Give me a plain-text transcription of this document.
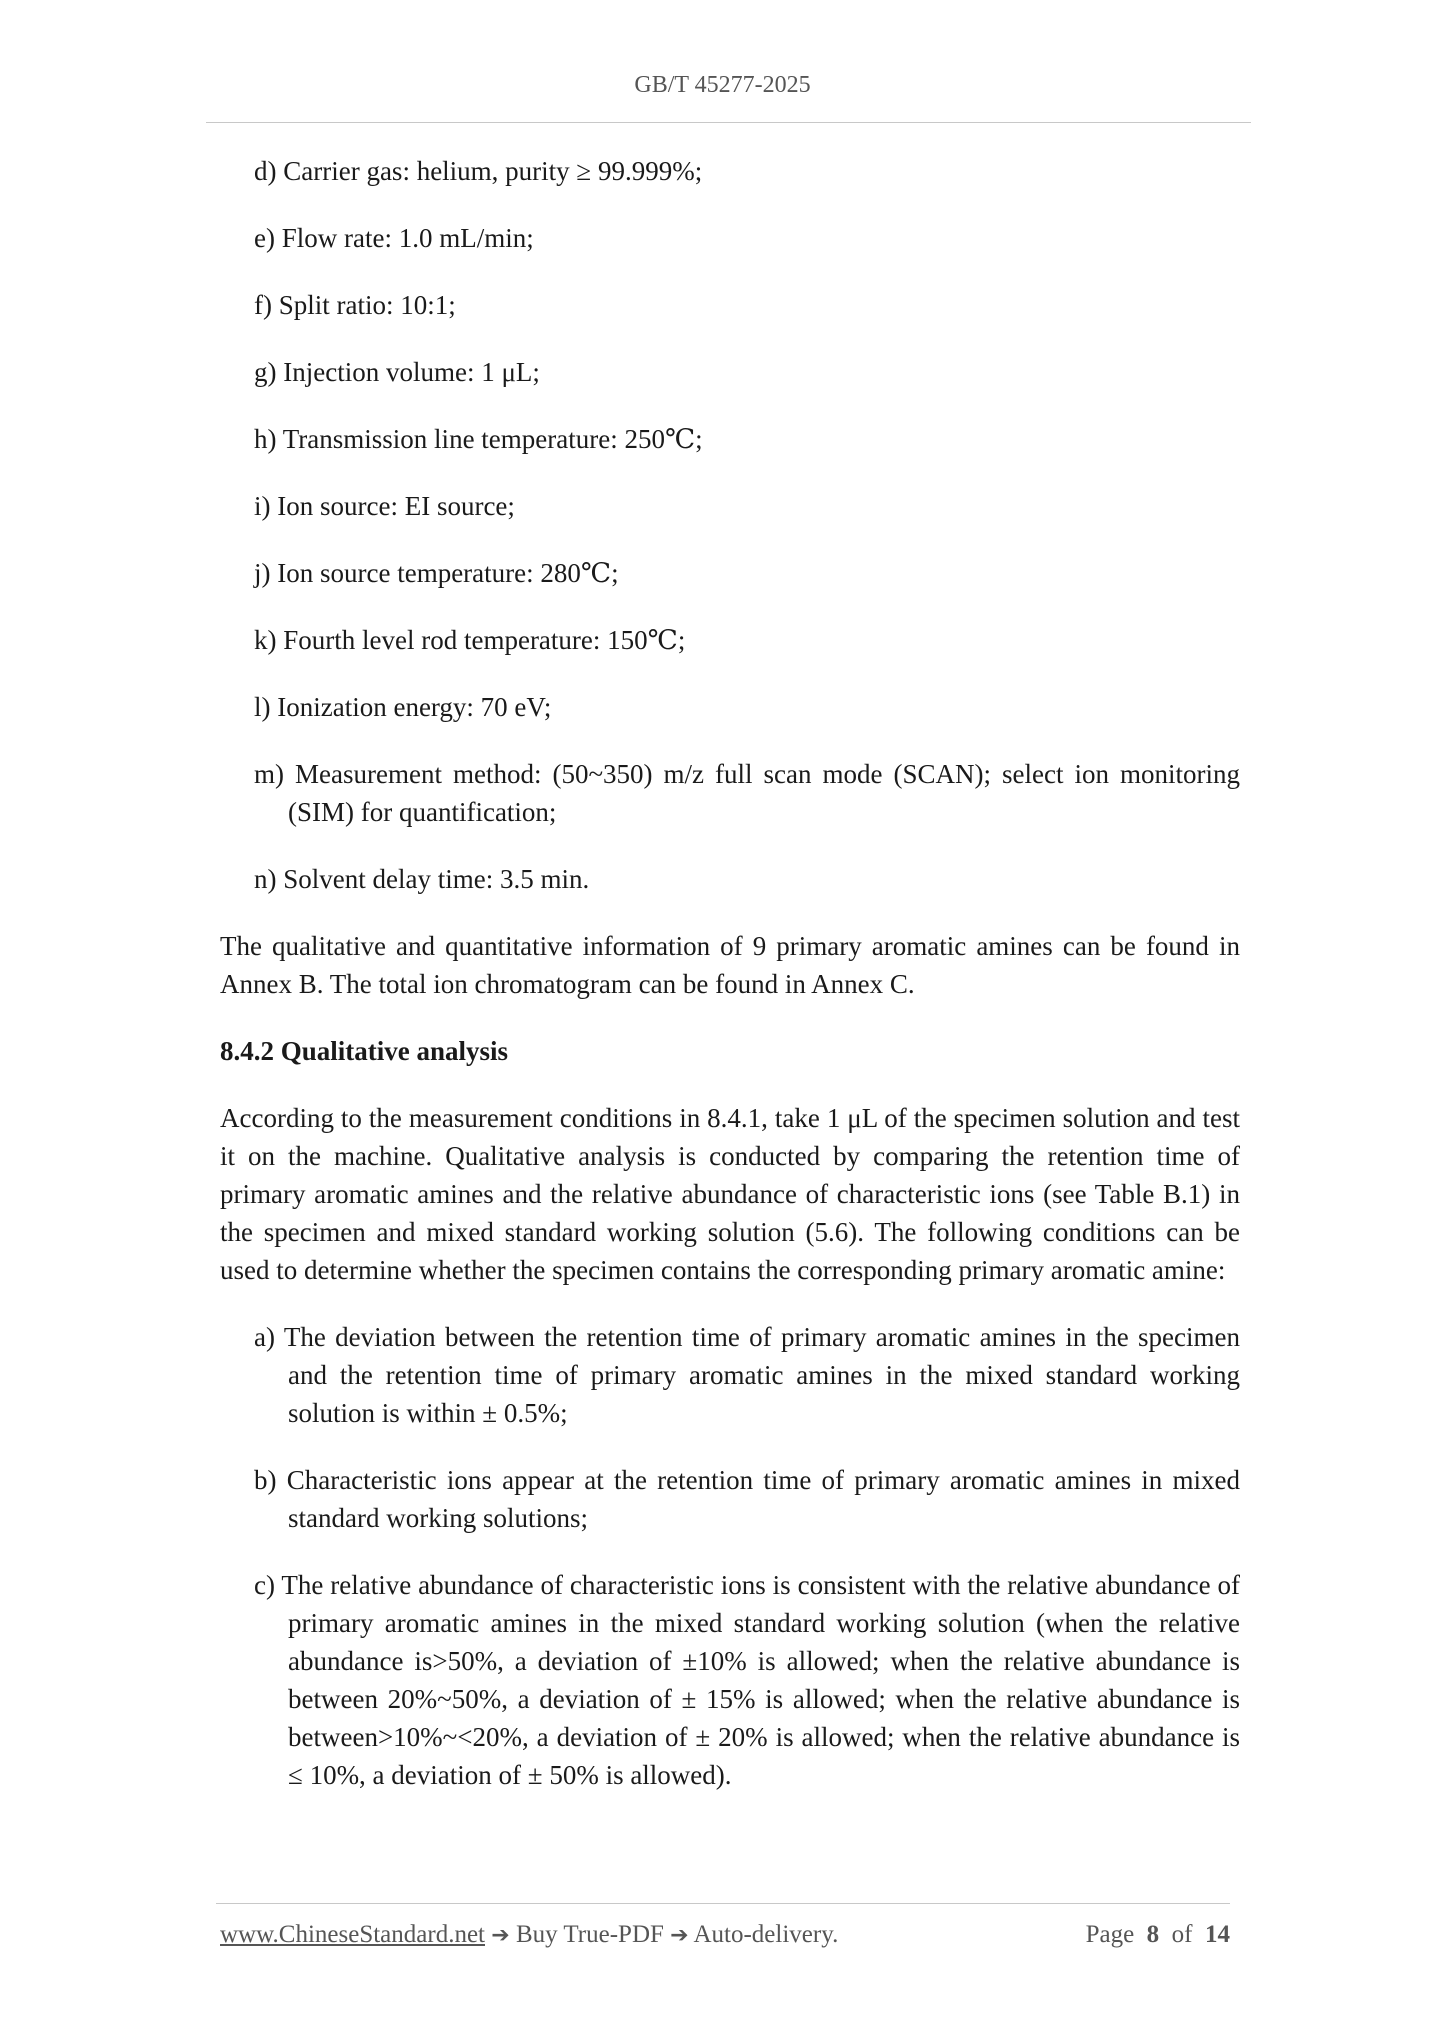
GB/T 45277-2025

d) Carrier gas: helium, purity ≥ 99.999%;

e) Flow rate: 1.0 mL/min;

f) Split ratio: 10:1;

g) Injection volume: 1 μL;

h) Transmission line temperature: 250℃;

i) Ion source: EI source;

j) Ion source temperature: 280℃;

k) Fourth level rod temperature: 150℃;

l) Ionization energy: 70 eV;

m) Measurement method: (50~350) m/z full scan mode (SCAN); select ion monitoring (SIM) for quantification;

n) Solvent delay time: 3.5 min.

The qualitative and quantitative information of 9 primary aromatic amines can be found in Annex B. The total ion chromatogram can be found in Annex C.

8.4.2 Qualitative analysis

According to the measurement conditions in 8.4.1, take 1 μL of the specimen solution and test it on the machine. Qualitative analysis is conducted by comparing the retention time of primary aromatic amines and the relative abundance of characteristic ions (see Table B.1) in the specimen and mixed standard working solution (5.6). The following conditions can be used to determine whether the specimen contains the corresponding primary aromatic amine:

a) The deviation between the retention time of primary aromatic amines in the specimen and the retention time of primary aromatic amines in the mixed standard working solution is within ± 0.5%;

b) Characteristic ions appear at the retention time of primary aromatic amines in mixed standard working solutions;

c) The relative abundance of characteristic ions is consistent with the relative abundance of primary aromatic amines in the mixed standard working solution (when the relative abundance is>50%, a deviation of ±10% is allowed; when the relative abundance is between 20%~50%, a deviation of ± 15% is allowed; when the relative abundance is between>10%~<20%, a deviation of ± 20% is allowed; when the relative abundance is ≤ 10%, a deviation of ± 50% is allowed).

www.ChineseStandard.net ➔ Buy True-PDF ➔ Auto-delivery.	Page 8 of 14
